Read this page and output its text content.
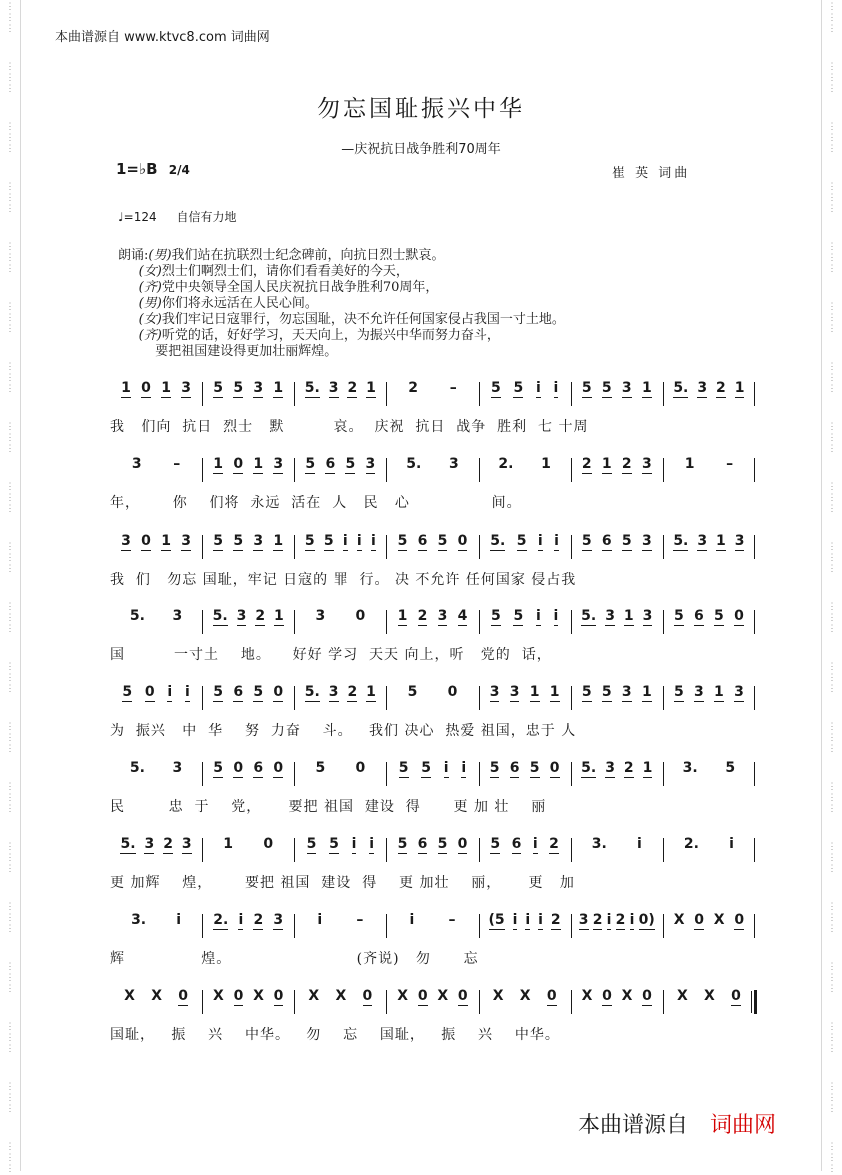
⋮
⋮
⋮
⋮
⋮
⋮
⋮
⋮
⋮
⋮
⋮
⋮
⋮
⋮
⋮
⋮
⋮
⋮
⋮
⋮
⋮
⋮
⋮
⋮
⋮
⋮
⋮
⋮
⋮
⋮
⋮
⋮
⋮
⋮
⋮
⋮
⋮
⋮
⋮
⋮
⋮
⋮
⋮
⋮
⋮
⋮
⋮
⋮
⋮
⋮
⋮
⋮
⋮
⋮
⋮
⋮
⋮
⋮
⋮
⋮
⋮
⋮
⋮
⋮
⋮
⋮
⋮
⋮
⋮
⋮
⋮
⋮
⋮
⋮
⋮
⋮
⋮
⋮
⋮
⋮
⋮
⋮
⋮
⋮
⋮
⋮
⋮
⋮
⋮
⋮
⋮
⋮
⋮
⋮
⋮
⋮
⋮
⋮
⋮
⋮
⋮
⋮
⋮
⋮
⋮
⋮
⋮
⋮
⋮
⋮
⋮
⋮
⋮
⋮
⋮
⋮
⋮
⋮
⋮
⋮
本曲谱源自 www.ktvc8.com 词曲网
勿忘国耻振兴中华
—庆祝抗日战争胜利70周年
1=♭B 2/4	崔 英 词曲
♩=124 自信有力地
朗诵:(男)我们站在抗联烈士纪念碑前，向抗日烈士默哀。
(女)烈士们啊烈士们，请你们看看美好的今天，
(齐)党中央领导全国人民庆祝抗日战争胜利70周年，
(男)你们将永远活在人民心间。
(女)我们牢记日寇罪行，勿忘国耻，决不允许任何国家侵占我国一寸土地。
(齐)听党的话，好好学习，天天向上，为振兴中华而努力奋斗，
要把祖国建设得更加壮丽辉煌。
1 0 1 3 5 5 3 1 5. 3 2 1 2 – 5 5 i i 5 5 3 1 5. 3 2 1
我   们向  抗日  烈士   默         哀。  庆祝  抗日  战争  胜利  七 十周
3 – 1 0 1 3 5 6 5 3 5. 3	2. 1 2 1 2 3 1 –
年，      你    们将  永远  活在  人   民   心               间。
3 0 1 3 5 5 3 1 5 5 i i i 5 6 5 0 5. 5 i i 5 6 5 3 5. 3 1 3
我  们   勿忘 国耻，牢记 日寇的 罪  行。 决 不允许 任何国家 侵占我
5. 3 5. 3 2 1 3 0 1 2 3 4 5 5 i i 5. 3 1 3 5 6 5 0
国         一寸土    地。    好好 学习  天天 向上，听   党的  话，
5 0 i i 5 6 5 0 5. 3 2 1 5 0 3 3 1 1 5 5 3 1 5 3 1 3
为  振兴   中  华    努  力奋    斗。   我们 决心  热爱 祖国，忠于 人
5. 3 5 0 6 0 5 0 5 5 i i 5 6 5 0 5. 3 2 1 3. 5
民        忠  于    党，     要把 祖国  建设  得      更 加 壮    丽
5. 3 2 3 1 0 5 5 i i 5 6 5 0 5 6 i 2 3. i	2. i
更 加辉    煌，      要把 祖国  建设  得    更 加壮    丽，     更   加
3. i 2. i 2 3 i –	i – (5 i i i 2 3 2 i 2 i 0) X 0 X 0
辉              煌。                       (齐说)   勿      忘
X X 0 X 0 X 0 X X 0 X 0 X 0 X X 0 X 0 X 0 X X 0
国耻，   振    兴    中华。   勿    忘    国耻，   振    兴    中华。
本曲谱源自 词曲网
